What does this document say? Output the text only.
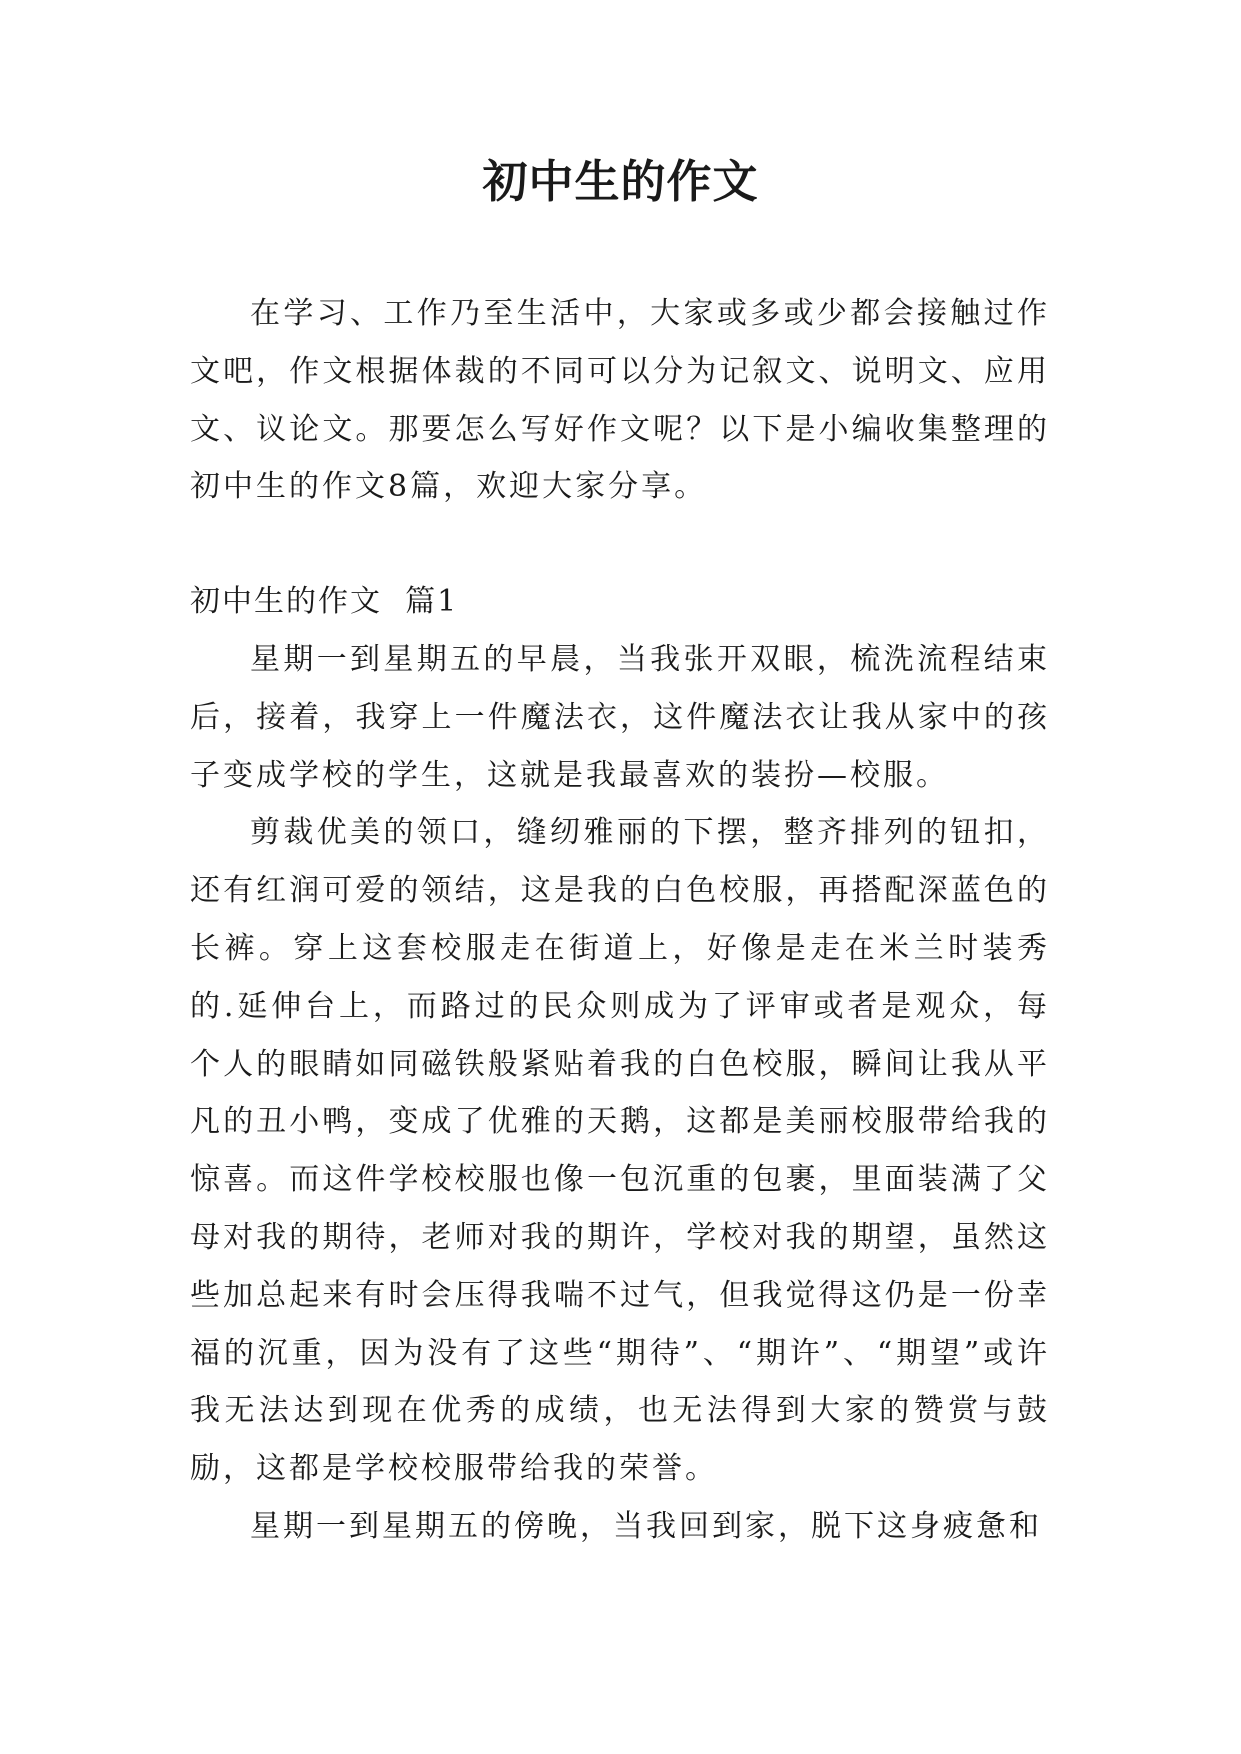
初中生的作文

在学习、工作乃至生活中，大家或多或少都会接触过作文吧，作文根据体裁的不同可以分为记叙文、说明文、应用文、议论文。那要怎么写好作文呢？以下是小编收集整理的初中生的作文8篇，欢迎大家分享。

初中生的作文  篇1

星期一到星期五的早晨，当我张开双眼，梳洗流程结束后，接着，我穿上一件魔法衣，这件魔法衣让我从家中的孩子变成学校的学生，这就是我最喜欢的装扮—校服。

剪裁优美的领口，缝纫雅丽的下摆，整齐排列的钮扣，还有红润可爱的领结，这是我的白色校服，再搭配深蓝色的长裤。穿上这套校服走在街道上，好像是走在米兰时装秀的.延伸台上，而路过的民众则成为了评审或者是观众，每个人的眼睛如同磁铁般紧贴着我的白色校服，瞬间让我从平凡的丑小鸭，变成了优雅的天鹅，这都是美丽校服带给我的惊喜。而这件学校校服也像一包沉重的包裹，里面装满了父母对我的期待，老师对我的期许，学校对我的期望，虽然这些加总起来有时会压得我喘不过气，但我觉得这仍是一份幸福的沉重，因为没有了这些“期待”、“期许”、“期望”或许我无法达到现在优秀的成绩，也无法得到大家的赞赏与鼓励，这都是学校校服带给我的荣誉。

星期一到星期五的傍晚，当我回到家，脱下这身疲惫和
